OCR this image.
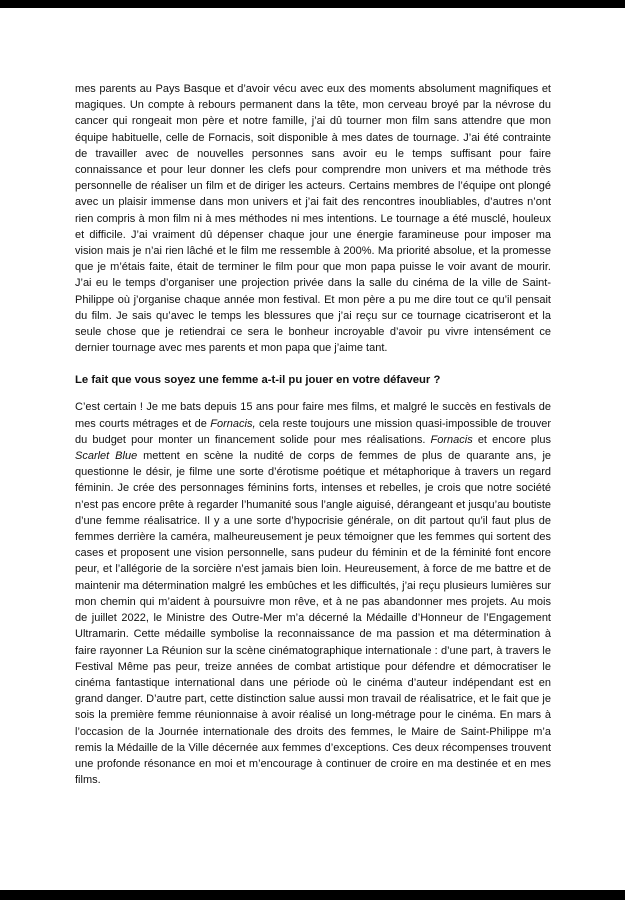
mes parents au Pays Basque et d’avoir vécu avec eux des moments absolument magnifiques et magiques. Un compte à rebours permanent dans la tête, mon cerveau broyé par la névrose du cancer qui rongeait mon père et notre famille, j’ai dû tourner mon film sans attendre que mon équipe habituelle, celle de Fornacis, soit disponible à mes dates de tournage. J’ai été contrainte de travailler avec de nouvelles personnes sans avoir eu le temps suffisant pour faire connaissance et pour leur donner les clefs pour comprendre mon univers et ma méthode très personnelle de réaliser un film et de diriger les acteurs. Certains membres de l’équipe ont plongé avec un plaisir immense dans mon univers et j’ai fait des rencontres inoubliables, d’autres n’ont rien compris à mon film ni à mes méthodes ni mes intentions. Le tournage a été musclé, houleux et difficile. J’ai vraiment dû dépenser chaque jour une énergie faramineuse pour imposer ma vision mais je n’ai rien lâché et le film me ressemble à 200%. Ma priorité absolue, et la promesse que je m’étais faite, était de terminer le film pour que mon papa puisse le voir avant de mourir. J’ai eu le temps d’organiser une projection privée dans la salle du cinéma de la ville de Saint-Philippe où j’organise chaque année mon festival. Et mon père a pu me dire tout ce qu’il pensait du film. Je sais qu’avec le temps les blessures que j’ai reçu sur ce tournage cicatriseront et la seule chose que je retiendrai ce sera le bonheur incroyable d’avoir pu vivre intensément ce dernier tournage avec mes parents et mon papa que j’aime tant.

Le fait que vous soyez une femme a-t-il pu jouer en votre défaveur ?

C’est certain ! Je me bats depuis 15 ans pour faire mes films, et malgré le succès en festivals de mes courts métrages et de Fornacis, cela reste toujours une mission quasi-impossible de trouver du budget pour monter un financement solide pour mes réalisations. Fornacis et encore plus Scarlet Blue mettent en scène la nudité de corps de femmes de plus de quarante ans, je questionne le désir, je filme une sorte d’érotisme poétique et métaphorique à travers un regard féminin. Je crée des personnages féminins forts, intenses et rebelles, je crois que notre société n’est pas encore prête à regarder l’humanité sous l’angle aiguisé, dérangeant et jusqu’au boutiste d’une femme réalisatrice. Il y a une sorte d’hypocrisie générale, on dit partout qu’il faut plus de femmes derrière la caméra, malheureusement je peux témoigner que les femmes qui sortent des cases et proposent une vision personnelle, sans pudeur du féminin et de la féminité font encore peur, et l’allégorie de la sorcière n’est jamais bien loin. Heureusement, à force de me battre et de maintenir ma détermination malgré les embûches et les difficultés, j’ai reçu plusieurs lumières sur mon chemin qui m’aident à poursuivre mon rêve, et à ne pas abandonner mes projets. Au mois de juillet 2022, le Ministre des Outre-Mer m’a décerné la Médaille d’Honneur de l’Engagement Ultramarin. Cette médaille symbolise la reconnaissance de ma passion et ma détermination à faire rayonner La Réunion sur la scène cinématographique internationale : d’une part, à travers le Festival Même pas peur, treize années de combat artistique pour défendre et démocratiser le cinéma fantastique international dans une période où le cinéma d’auteur indépendant est en grand danger. D’autre part, cette distinction salue aussi mon travail de réalisatrice, et le fait que je sois la première femme réunionnaise à avoir réalisé un long-métrage pour le cinéma. En mars à l’occasion de la Journée internationale des droits des femmes, le Maire de Saint-Philippe m’a remis la Médaille de la Ville décernée aux femmes d’exceptions. Ces deux récompenses trouvent une profonde résonance en moi et m’encourage à continuer de croire en ma destinée et en mes films.
